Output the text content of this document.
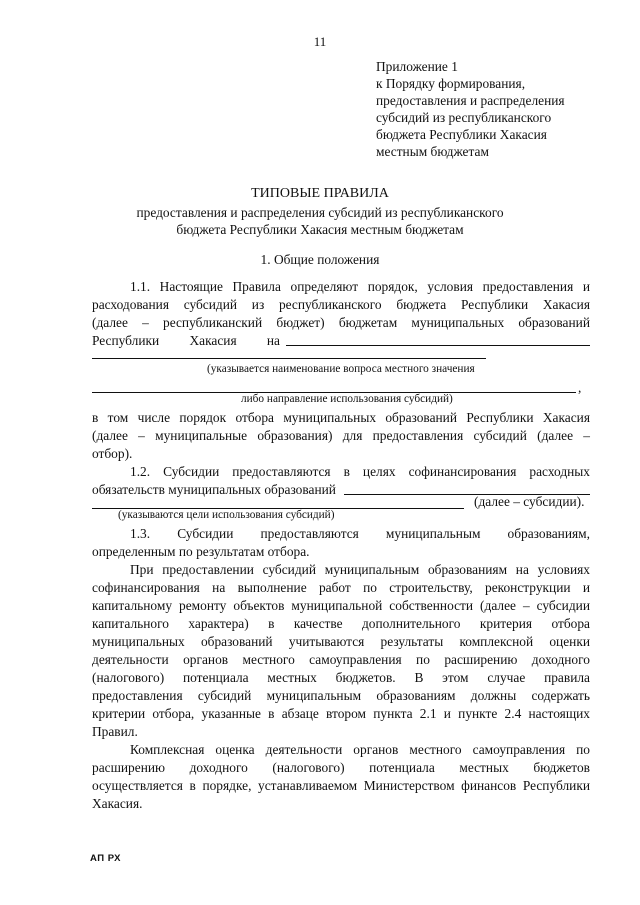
11
Приложение 1
к Порядку формирования,
предоставления и распределения
субсидий из республиканского
бюджета Республики Хакасия
местным бюджетам
ТИПОВЫЕ ПРАВИЛА
предоставления и распределения субсидий из республиканского
бюджета Республики Хакасия местным бюджетам
1. Общие положения
1.1. Настоящие Правила определяют порядок, условия предоставления и
расходования субсидий из республиканского бюджета Республики Хакасия
(далее – республиканский бюджет) бюджетам муниципальных образований
Республики Хакасия на
(указывается наименование вопроса местного значения
,
либо направление использования субсидий)
в том числе порядок отбора муниципальных образований Республики Хакасия
(далее – муниципальные образования) для предоставления субсидий (далее –
отбор).
1.2. Субсидии предоставляются в целях софинансирования расходных
обязательств муниципальных образований
(далее – субсидии).
(указываются цели использования субсидий)
1.3. Субсидии предоставляются муниципальным образованиям,
определенным по результатам отбора.
При предоставлении субсидий муниципальным образованиям на условиях
софинансирования на выполнение работ по строительству, реконструкции и
капитальному ремонту объектов муниципальной собственности (далее – субсидии
капитального характера) в качестве дополнительного критерия отбора
муниципальных образований учитываются результаты комплексной оценки
деятельности органов местного самоуправления по расширению доходного
(налогового) потенциала местных бюджетов. В этом случае правила
предоставления субсидий муниципальным образованиям должны содержать
критерии отбора, указанные в абзаце втором пункта 2.1 и пункте 2.4 настоящих
Правил.
Комплексная оценка деятельности органов местного самоуправления по
расширению доходного (налогового) потенциала местных бюджетов
осуществляется в порядке, устанавливаемом Министерством финансов Республики
Хакасия.
АП РХ
